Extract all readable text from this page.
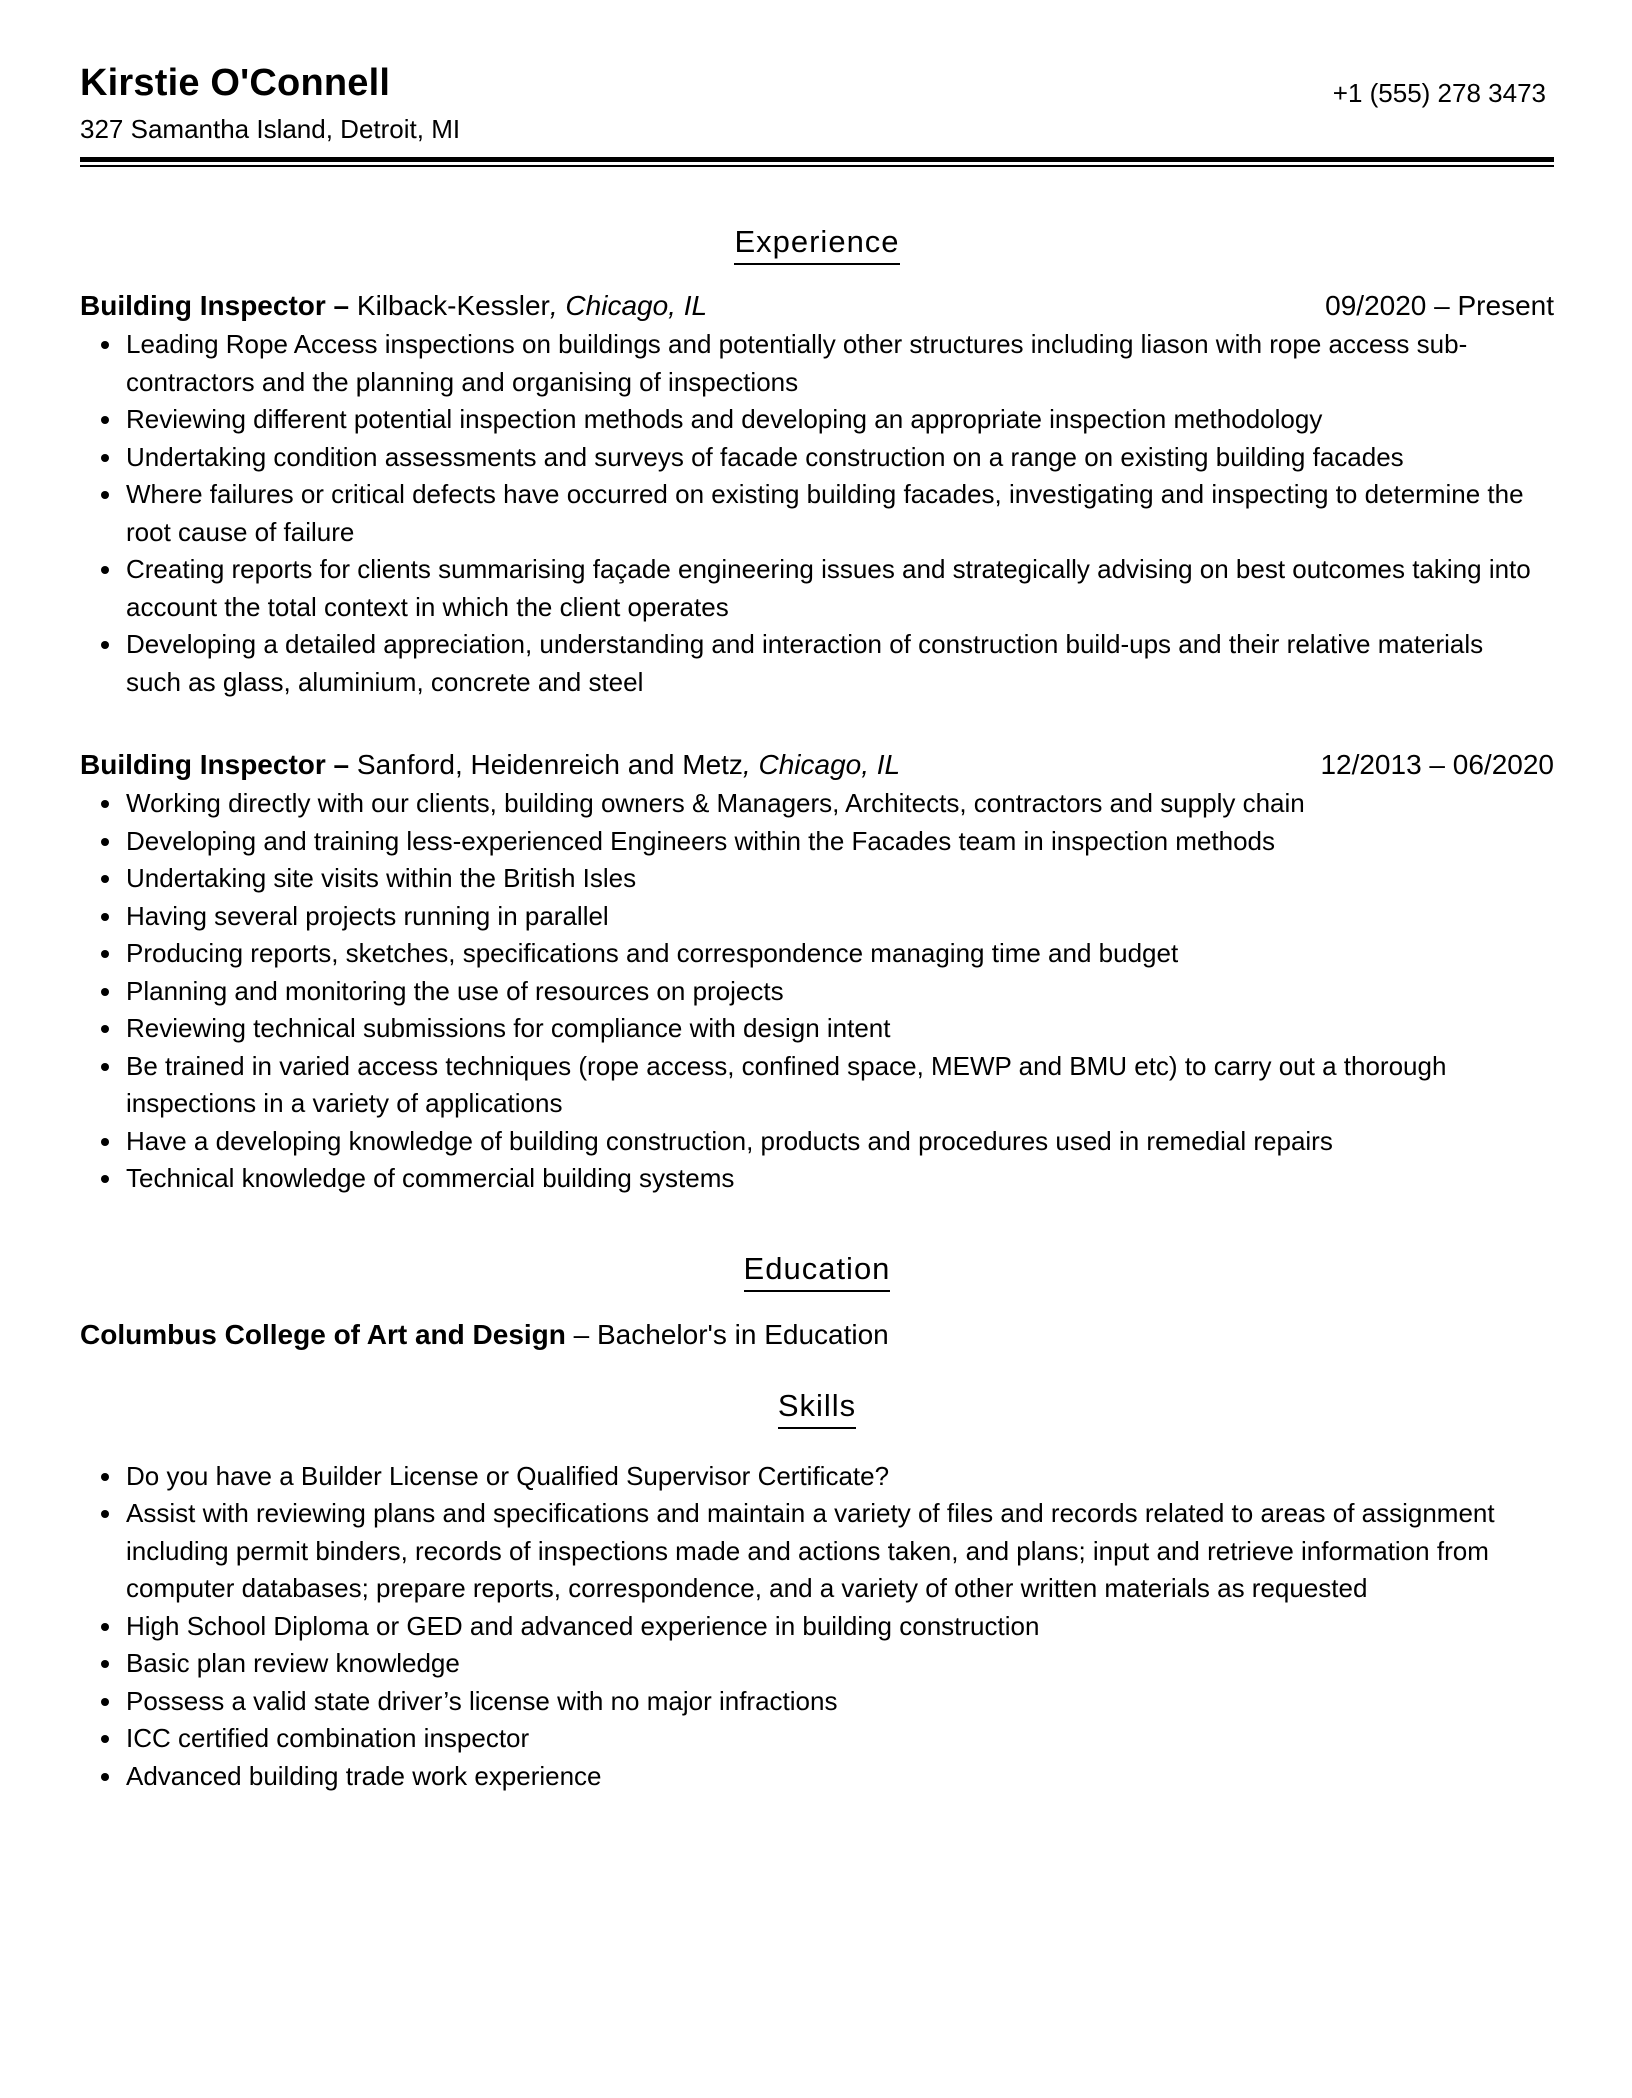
Kirstie O'Connell
327 Samantha Island, Detroit, MI
+1 (555) 278 3473
Experience
Building Inspector – Kilback-Kessler, Chicago, IL	09/2020 – Present
Leading Rope Access inspections on buildings and potentially other structures including liason with rope access sub-contractors and the planning and organising of inspections
Reviewing different potential inspection methods and developing an appropriate inspection methodology
Undertaking condition assessments and surveys of facade construction on a range on existing building facades
Where failures or critical defects have occurred on existing building facades, investigating and inspecting to determine the root cause of failure
Creating reports for clients summarising façade engineering issues and strategically advising on best outcomes taking into account the total context in which the client operates
Developing a detailed appreciation, understanding and interaction of construction build-ups and their relative materials such as glass, aluminium, concrete and steel
Building Inspector – Sanford, Heidenreich and Metz, Chicago, IL	12/2013 – 06/2020
Working directly with our clients, building owners & Managers, Architects, contractors and supply chain
Developing and training less-experienced Engineers within the Facades team in inspection methods
Undertaking site visits within the British Isles
Having several projects running in parallel
Producing reports, sketches, specifications and correspondence managing time and budget
Planning and monitoring the use of resources on projects
Reviewing technical submissions for compliance with design intent
Be trained in varied access techniques (rope access, confined space, MEWP and BMU etc) to carry out a thorough inspections in a variety of applications
Have a developing knowledge of building construction, products and procedures used in remedial repairs
Technical knowledge of commercial building systems
Education
Columbus College of Art and Design – Bachelor's in Education
Skills
Do you have a Builder License or Qualified Supervisor Certificate?
Assist with reviewing plans and specifications and maintain a variety of files and records related to areas of assignment including permit binders, records of inspections made and actions taken, and plans; input and retrieve information from computer databases; prepare reports, correspondence, and a variety of other written materials as requested
High School Diploma or GED and advanced experience in building construction
Basic plan review knowledge
Possess a valid state driver’s license with no major infractions
ICC certified combination inspector
Advanced building trade work experience
